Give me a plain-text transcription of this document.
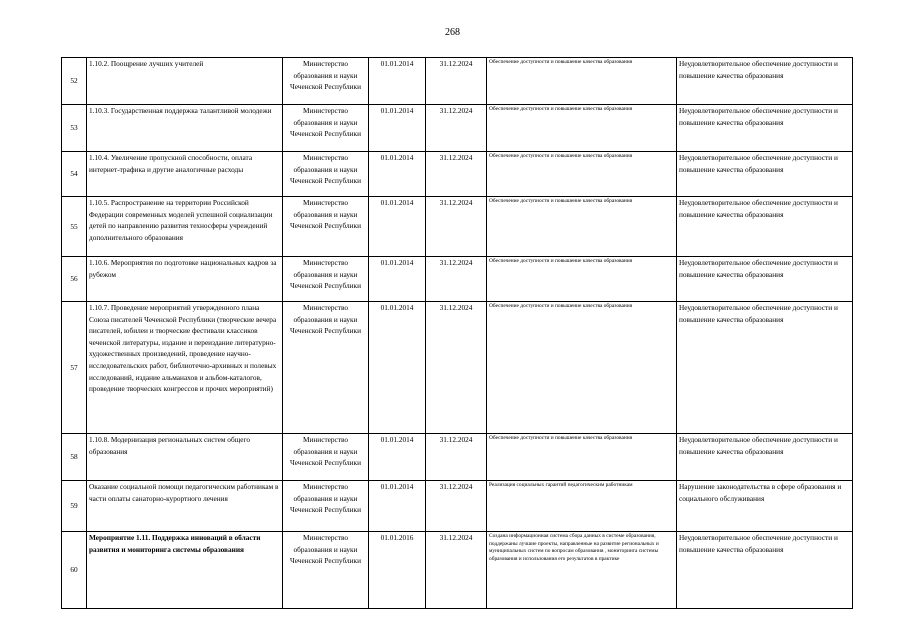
268
52	1.10.2. Поощрение лучших учителей	Министерство образования и науки Чеченской Республики	01.01.2014	31.12.2024	Обеспечение доступности и повышение качества образования	Неудовлетворительное обеспечение доступности и повышение качества образования
53	1.10.3. Государственная поддержка талантливой молодежи	Министерство образования и науки Чеченской Республики	01.01.2014	31.12.2024	Обеспечение доступности и повышение качества образования	Неудовлетворительное обеспечение доступности и повышение качества образования
54	1.10.4. Увеличение пропускной способности, оплата интернет-трафика и другие аналогичные расходы	Министерство образования и науки Чеченской Республики	01.01.2014	31.12.2024	Обеспечение доступности и повышение качества образования	Неудовлетворительное обеспечение доступности и повышение качества образования
55	1.10.5. Распространение на территории Российской Федерации современных моделей успешной социализации детей по направлению развития техносферы учреждений дополнительного образования	Министерство образования и науки Чеченской Республики	01.01.2014	31.12.2024	Обеспечение доступности и повышение качества образования	Неудовлетворительное обеспечение доступности и повышение качества образования
56	1.10.6. Мероприятия по подготовке национальных кадров за рубежом	Министерство образования и науки Чеченской Республики	01.01.2014	31.12.2024	Обеспечение доступности и повышение качества образования	Неудовлетворительное обеспечение доступности и повышение качества образования
57	1.10.7. Проведение мероприятий утвержденного плана Союза писателей Чеченской Республики (творческие вечера писателей, юбилеи и творческие фестивали классиков чеченской литературы, издание и переиздание литературно-художественных произведений, проведение научно-исследовательских работ, библиотечно-архивных и полевых исследований, издание альманахов и альбом-каталогов, проведение творческих конгрессов и прочих мероприятий)	Министерство образования и науки Чеченской Республики	01.01.2014	31.12.2024	Обеспечение доступности и повышение качества образования	Неудовлетворительное обеспечение доступности и повышение качества образования
58	1.10.8. Модернизация региональных систем общего образования	Министерство образования и науки Чеченской Республики	01.01.2014	31.12.2024	Обеспечение доступности и повышение качества образования	Неудовлетворительное обеспечение доступности и повышение качества образования
59	Оказание социальной помощи педагогическим работникам в части оплаты санаторно-курортного лечения	Министерство образования и науки Чеченской Республики	01.01.2014	31.12.2024	Реализация социальных гарантий педагогическим работникам	Нарушение законодательства в сфере образования и социального обслуживания
60	Мероприятие 1.11. Поддержка инноваций в области развития и мониторинга системы образования	Министерство образования и науки Чеченской Республики	01.01.2016	31.12.2024	Создана информационная система сбора данных в системе образования, поддержаны лучшие проекты, направленные на развитие региональных и муниципальных систем по вопросам образования , мониторинга системы образования и использования его результатов в практике	Неудовлетворительное обеспечение доступности и повышение качества образования
